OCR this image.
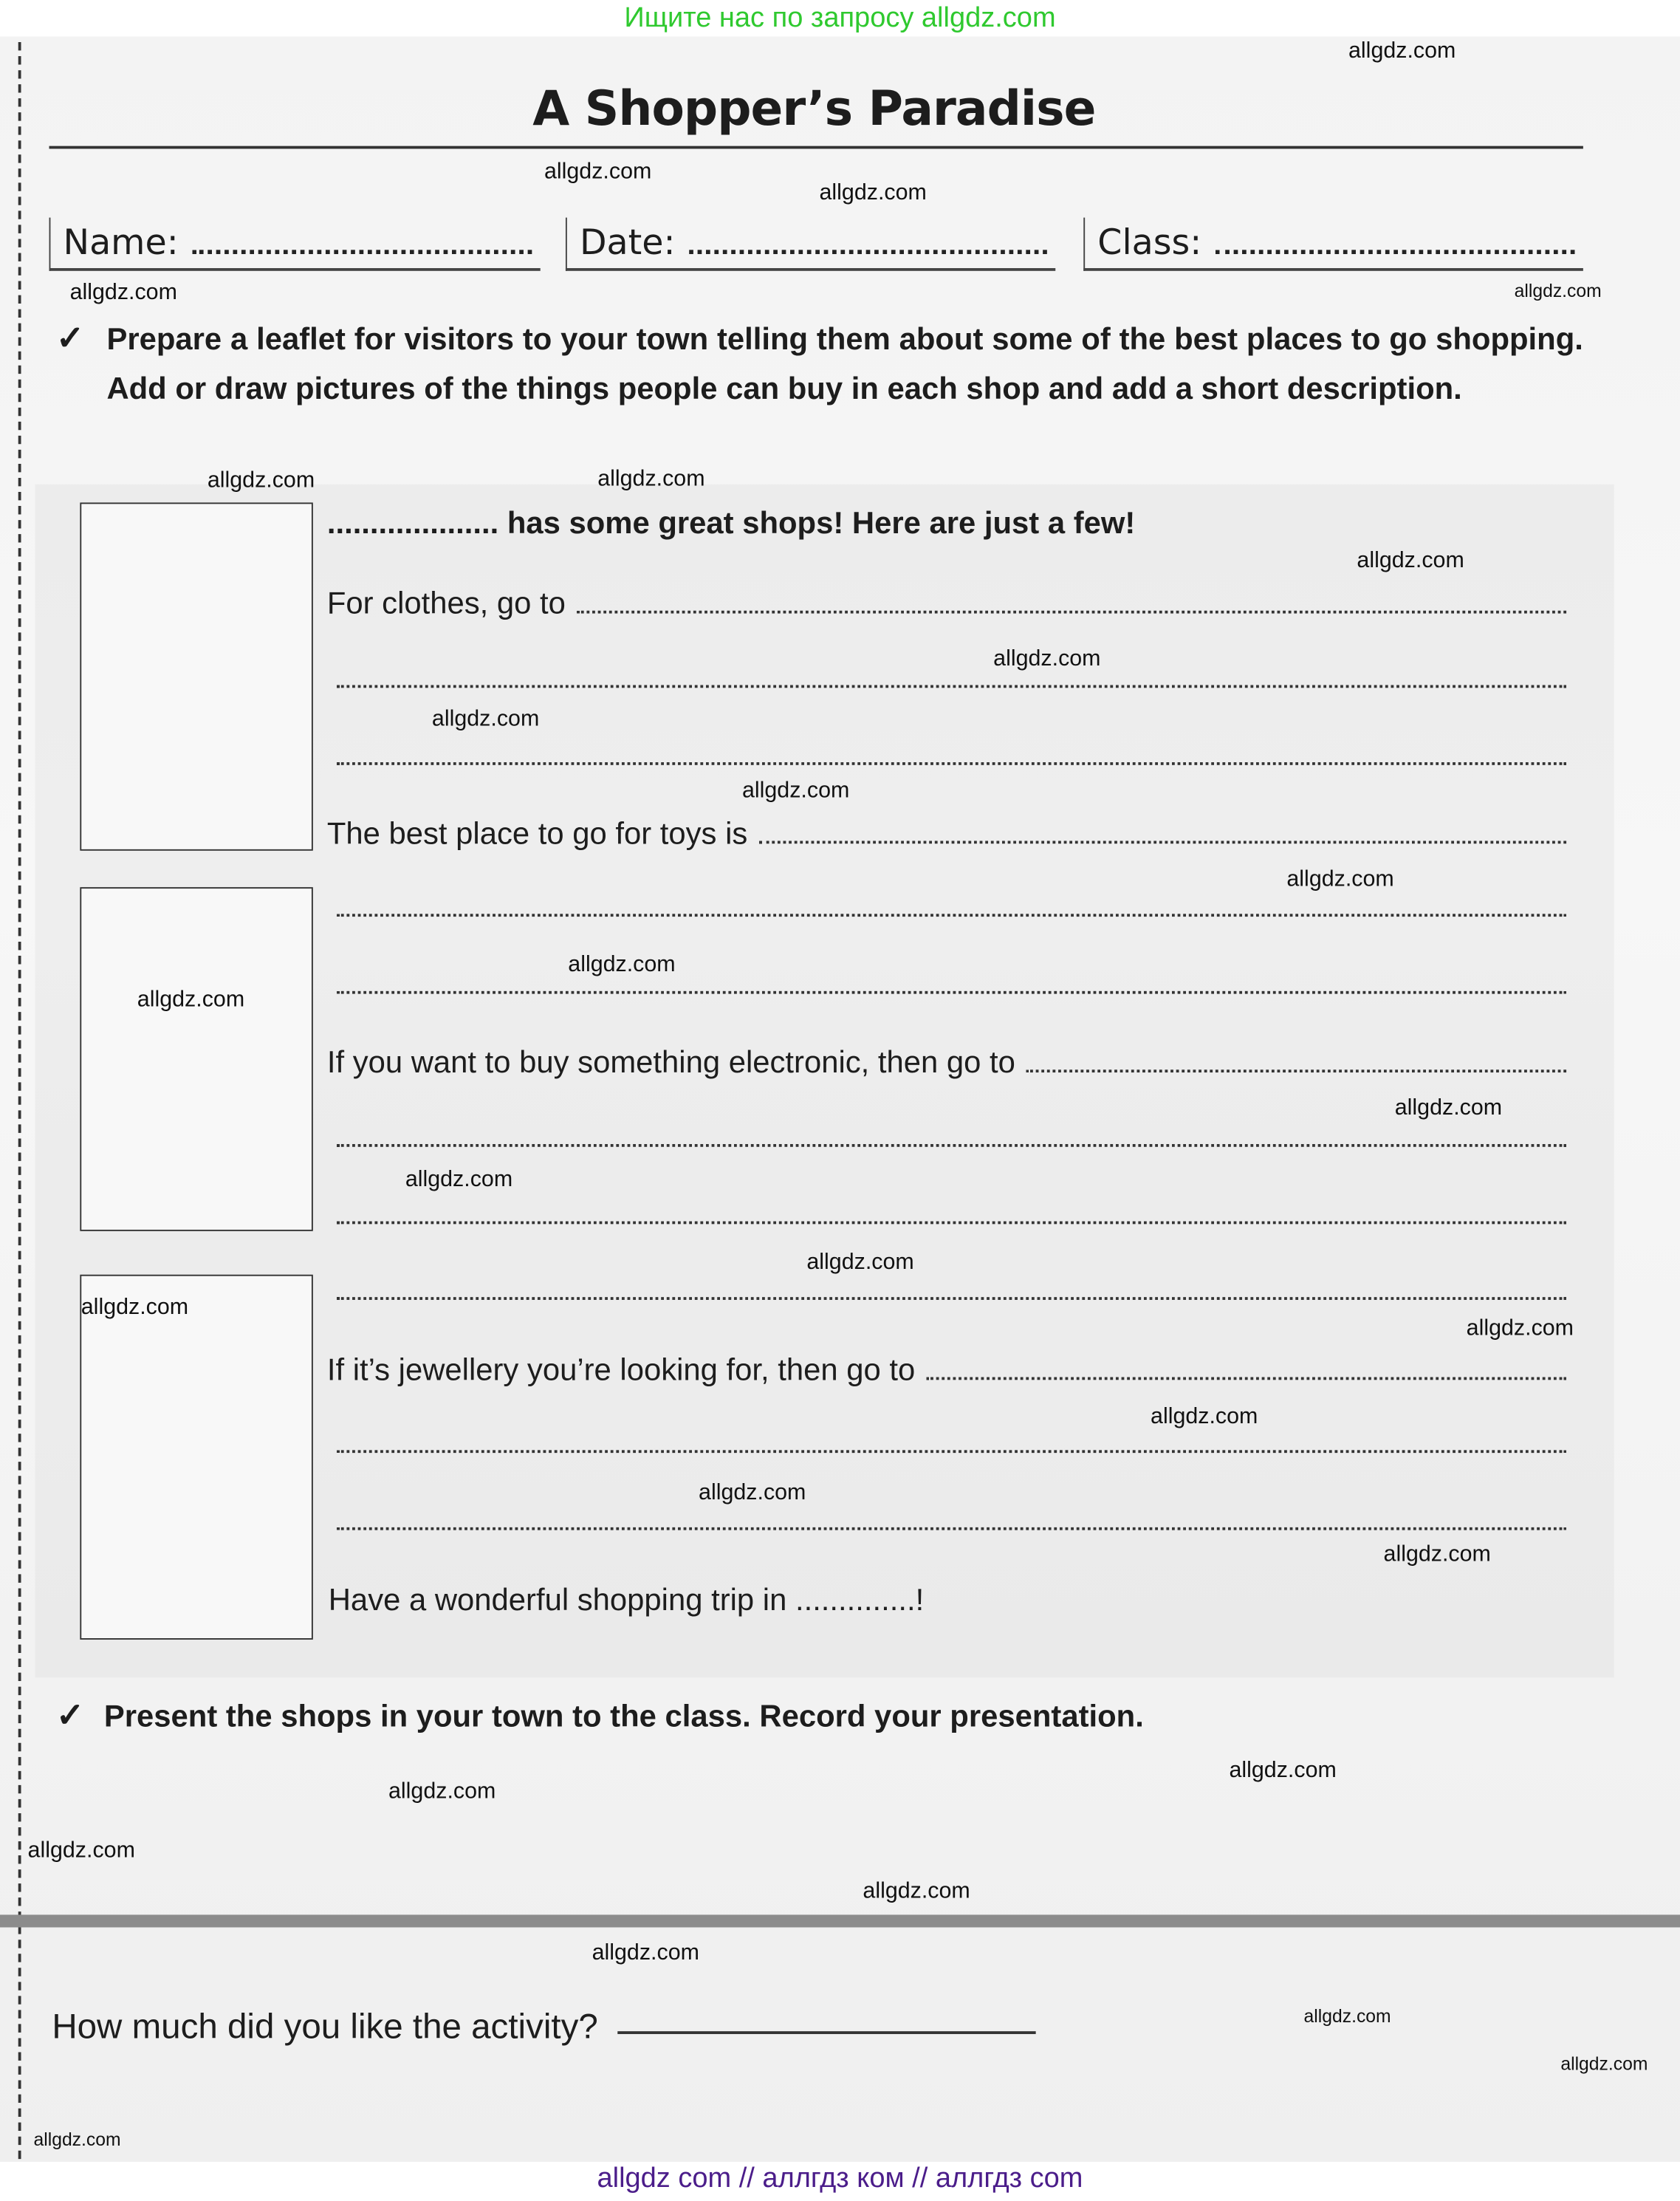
Ищите нас по запросу allgdz.com
A Shopper’s Paradise
Name:	Date:	Class:
✓ Prepare a leaflet for visitors to your town telling them about some of the best places to go shopping. Add or draw pictures of the things people can buy in each shop and add a short description.
.................... has some great shops! Here are just a few!
For clothes, go to
The best place to go for toys is
If you want to buy something electronic, then go to
If it’s jewellery you’re looking for, then go to
Have a wonderful shopping trip in ..............!
✓ Present the shops in your town to the class. Record your presentation.
How much did you like the activity?
allgdz com // аллгдз ком // аллгдз com
allgdz.com
allgdz.com
allgdz.com
allgdz.com	allgdz.com
allgdz.com
allgdz.com
allgdz.com
allgdz.com
allgdz.com
allgdz.com
allgdz.com
allgdz.com
allgdz.com
allgdz.com
allgdz.com
allgdz.com
allgdz.com
allgdz.com
allgdz.com
allgdz.com
allgdz.com
allgdz.com
allgdz.com
allgdz.com
allgdz.com
allgdz.com
allgdz.com
allgdz.com
allgdz.com
